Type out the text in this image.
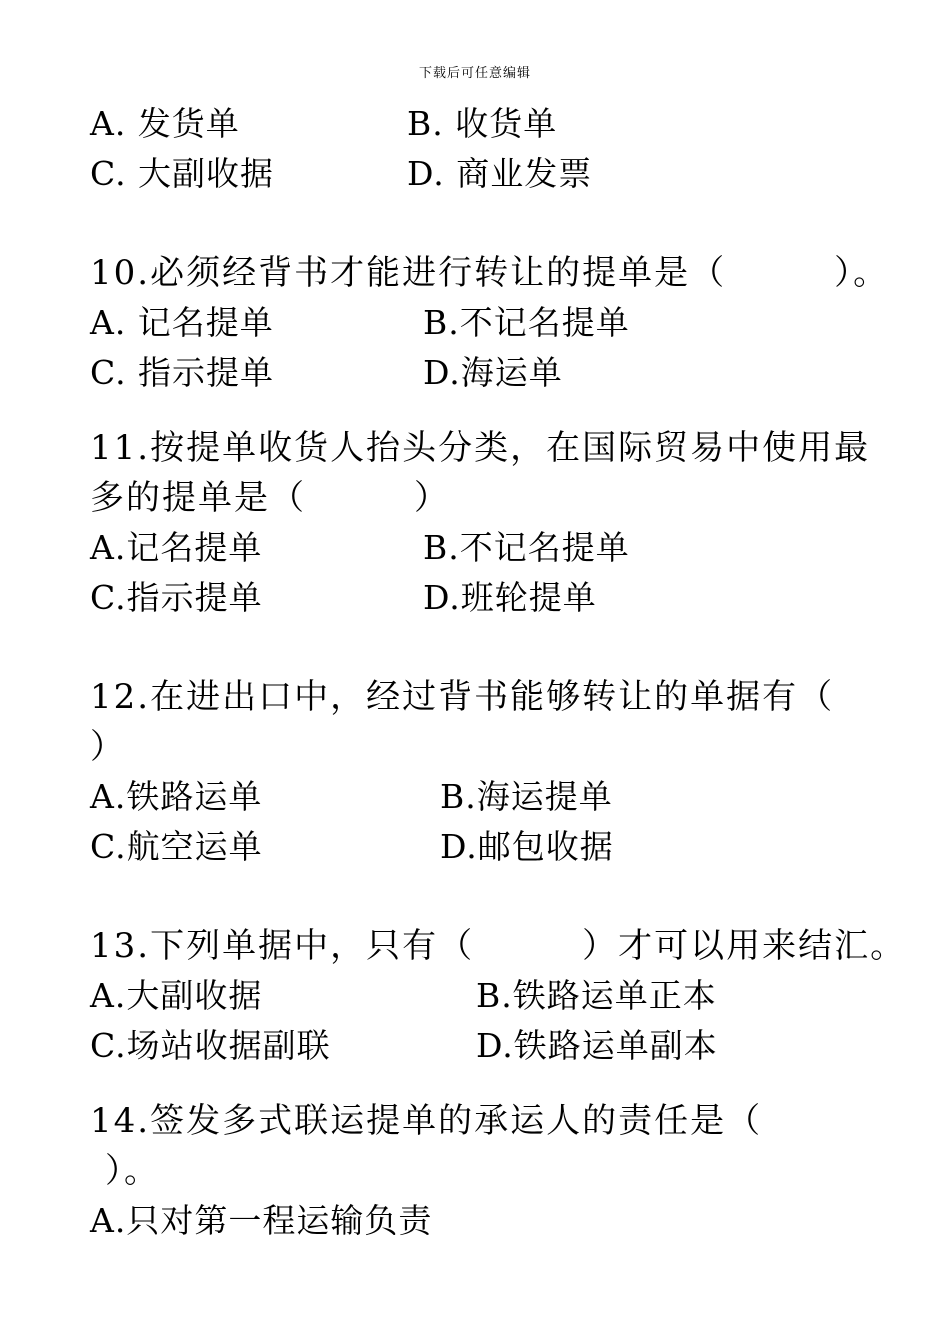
下载后可任意编辑
A. 发货单	B. 收货单
C. 大副收据	D. 商业发票
10.必须经背书才能进行转让的提单是（　　　）。
A. 记名提单	B.不记名提单
C. 指示提单	D.海运单
11.按提单收货人抬头分类，在国际贸易中使用最
多的提单是（　　　）
A.记名提单	B.不记名提单
C.指示提单	D.班轮提单
12.在进出口中，经过背书能够转让的单据有（
）
A.铁路运单	B.海运提单
C.航空运单	D.邮包收据
13.下列单据中，只有（　　　）才可以用来结汇。
A.大副收据	B.铁路运单正本
C.场站收据副联	D.铁路运单副本
14.签发多式联运提单的承运人的责任是（
）。
A.只对第一程运输负责
